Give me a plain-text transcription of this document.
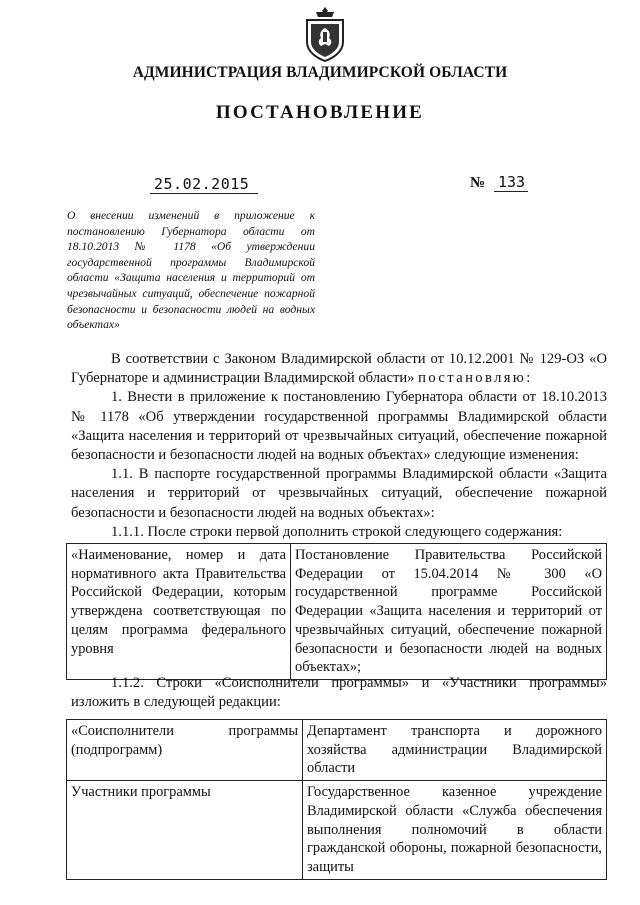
АДМИНИСТРАЦИЯ ВЛАДИМИРСКОЙ ОБЛАСТИ
ПОСТАНОВЛЕНИЕ
25.02.2015	№ 133
О внесении изменений в приложение к постановлению Губернатора области от 18.10.2013 № 1178 «Об утверждении государственной программы Владимирской области «Защита населения и территорий от чрезвычайных ситуаций, обеспечение пожарной безопасности и безопасности людей на водных объектах»

В соответствии с Законом Владимирской области от 10.12.2001 № 129-ОЗ «О Губернаторе и администрации Владимирской области» постановляю:

1. Внести в приложение к постановлению Губернатора области от 18.10.2013 № 1178 «Об утверждении государственной программы Владимирской области «Защита населения и территорий от чрезвычайных ситуаций, обеспечение пожарной безопасности и безопасности людей на водных объектах» следующие изменения:

1.1. В паспорте государственной программы Владимирской области «Защита населения и территорий от чрезвычайных ситуаций, обеспечение пожарной безопасности и безопасности людей на водных объектах»:

1.1.1. После строки первой дополнить строкой следующего содержания:

«Наименование, номер и дата нормативного акта Правительства Российской Федерации, которым утверждена соответствующая по целям программа федерального уровня	Постановление Правительства Российской Федерации от 15.04.2014 № 300 «О государственной программе Российской Федерации «Защита населения и территорий от чрезвычайных ситуаций, обеспечение пожарной безопасности и безопасности людей на водных объектах»;

1.1.2. Строки «Соисполнители программы» и «Участники программы» изложить в следующей редакции:

«Соисполнители программы (подпрограмм)	Департамент транспорта и дорожного хозяйства администрации Владимирской области
Участники программы	Государственное казенное учреждение Владимирской области «Служба обеспечения выполнения полномочий в области гражданской обороны, пожарной безопасности, защиты
